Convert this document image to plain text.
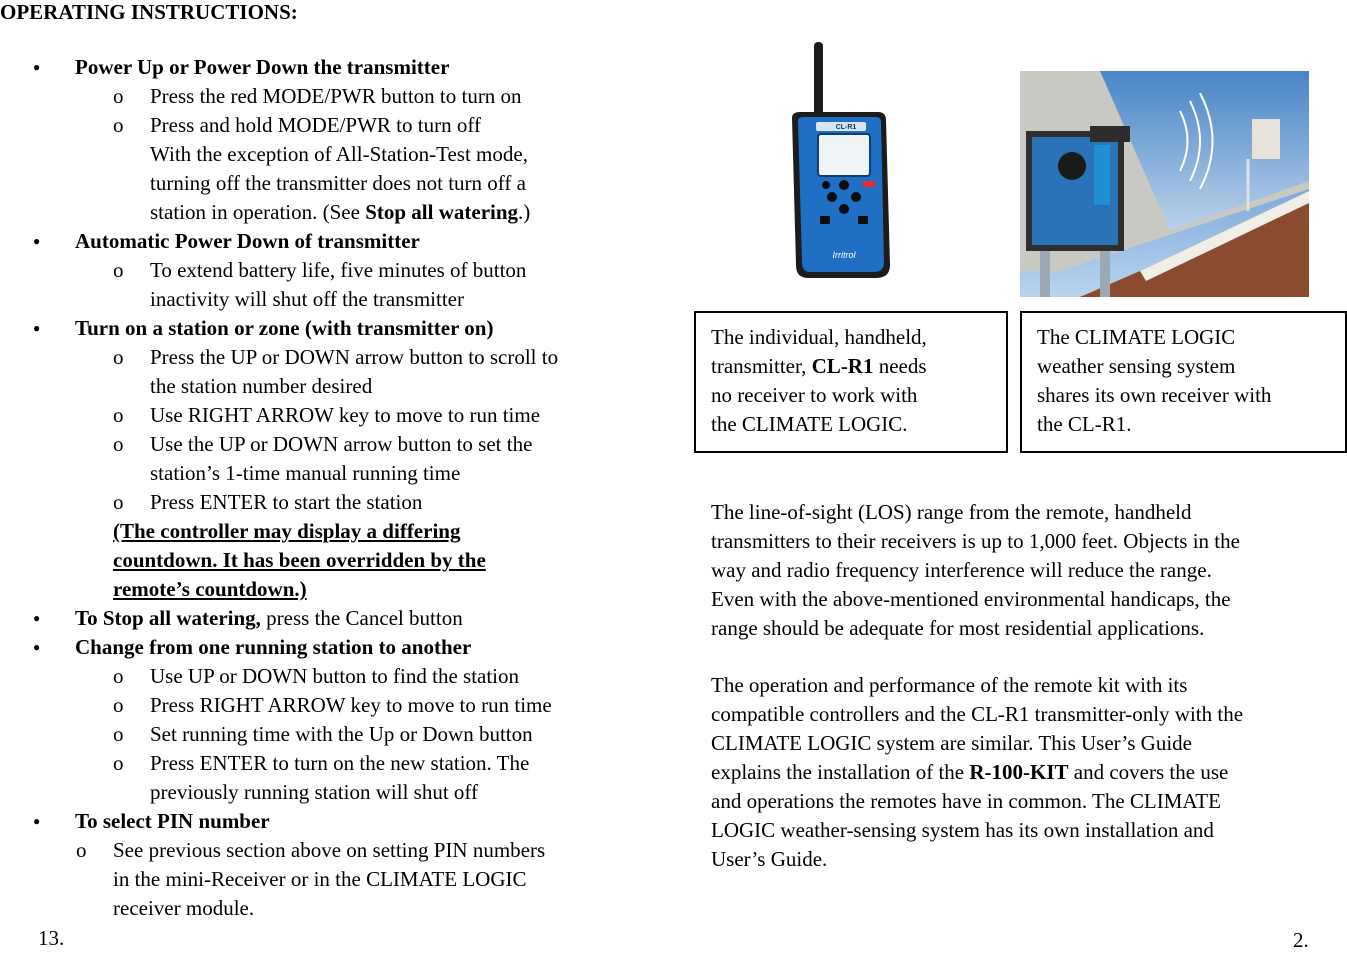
OPERATING INSTRUCTIONS:
● Power Up or Power Down the transmitter
o Press the red MODE/PWR button to turn on
o Press and hold MODE/PWR to turn off
With the exception of All-Station-Test mode,
turning off the transmitter does not turn off a
station in operation. (See Stop all watering.)
● Automatic Power Down of transmitter
o To extend battery life, five minutes of button
inactivity will shut off the transmitter
● Turn on a station or zone (with transmitter on)
o Press the UP or DOWN arrow button to scroll to
the station number desired
o Use RIGHT ARROW key to move to run time
o Use the UP or DOWN arrow button to set the
station’s 1-time manual running time
o Press ENTER to start the station
(The controller may display a differing
countdown. It has been overridden by the
remote’s countdown.)
● To Stop all watering, press the Cancel button
● Change from one running station to another
o Use UP or DOWN button to find the station
o Press RIGHT ARROW key to move to run time
o Set running time with the Up or Down button
o Press ENTER to turn on the new station. The
previously running station will shut off
● To select PIN number
o See previous section above on setting PIN numbers
in the mini-Receiver or in the CLIMATE LOGIC
receiver module.
13.	2.
CL-R1
Irritrol
The individual, handheld,
transmitter, CL-R1 needs
no receiver to work with
the CLIMATE LOGIC.
The CLIMATE LOGIC
weather sensing system
shares its own receiver with
the CL-R1.
The line-of-sight (LOS) range from the remote, handheld
transmitters to their receivers is up to 1,000 feet. Objects in the
way and radio frequency interference will reduce the range.
Even with the above-mentioned environmental handicaps, the
range should be adequate for most residential applications.
The operation and performance of the remote kit with its
compatible controllers and the CL-R1 transmitter-only with the
CLIMATE LOGIC system are similar. This User’s Guide
explains the installation of the R-100-KIT and covers the use
and operations the remotes have in common. The CLIMATE
LOGIC weather-sensing system has its own installation and
User’s Guide.
